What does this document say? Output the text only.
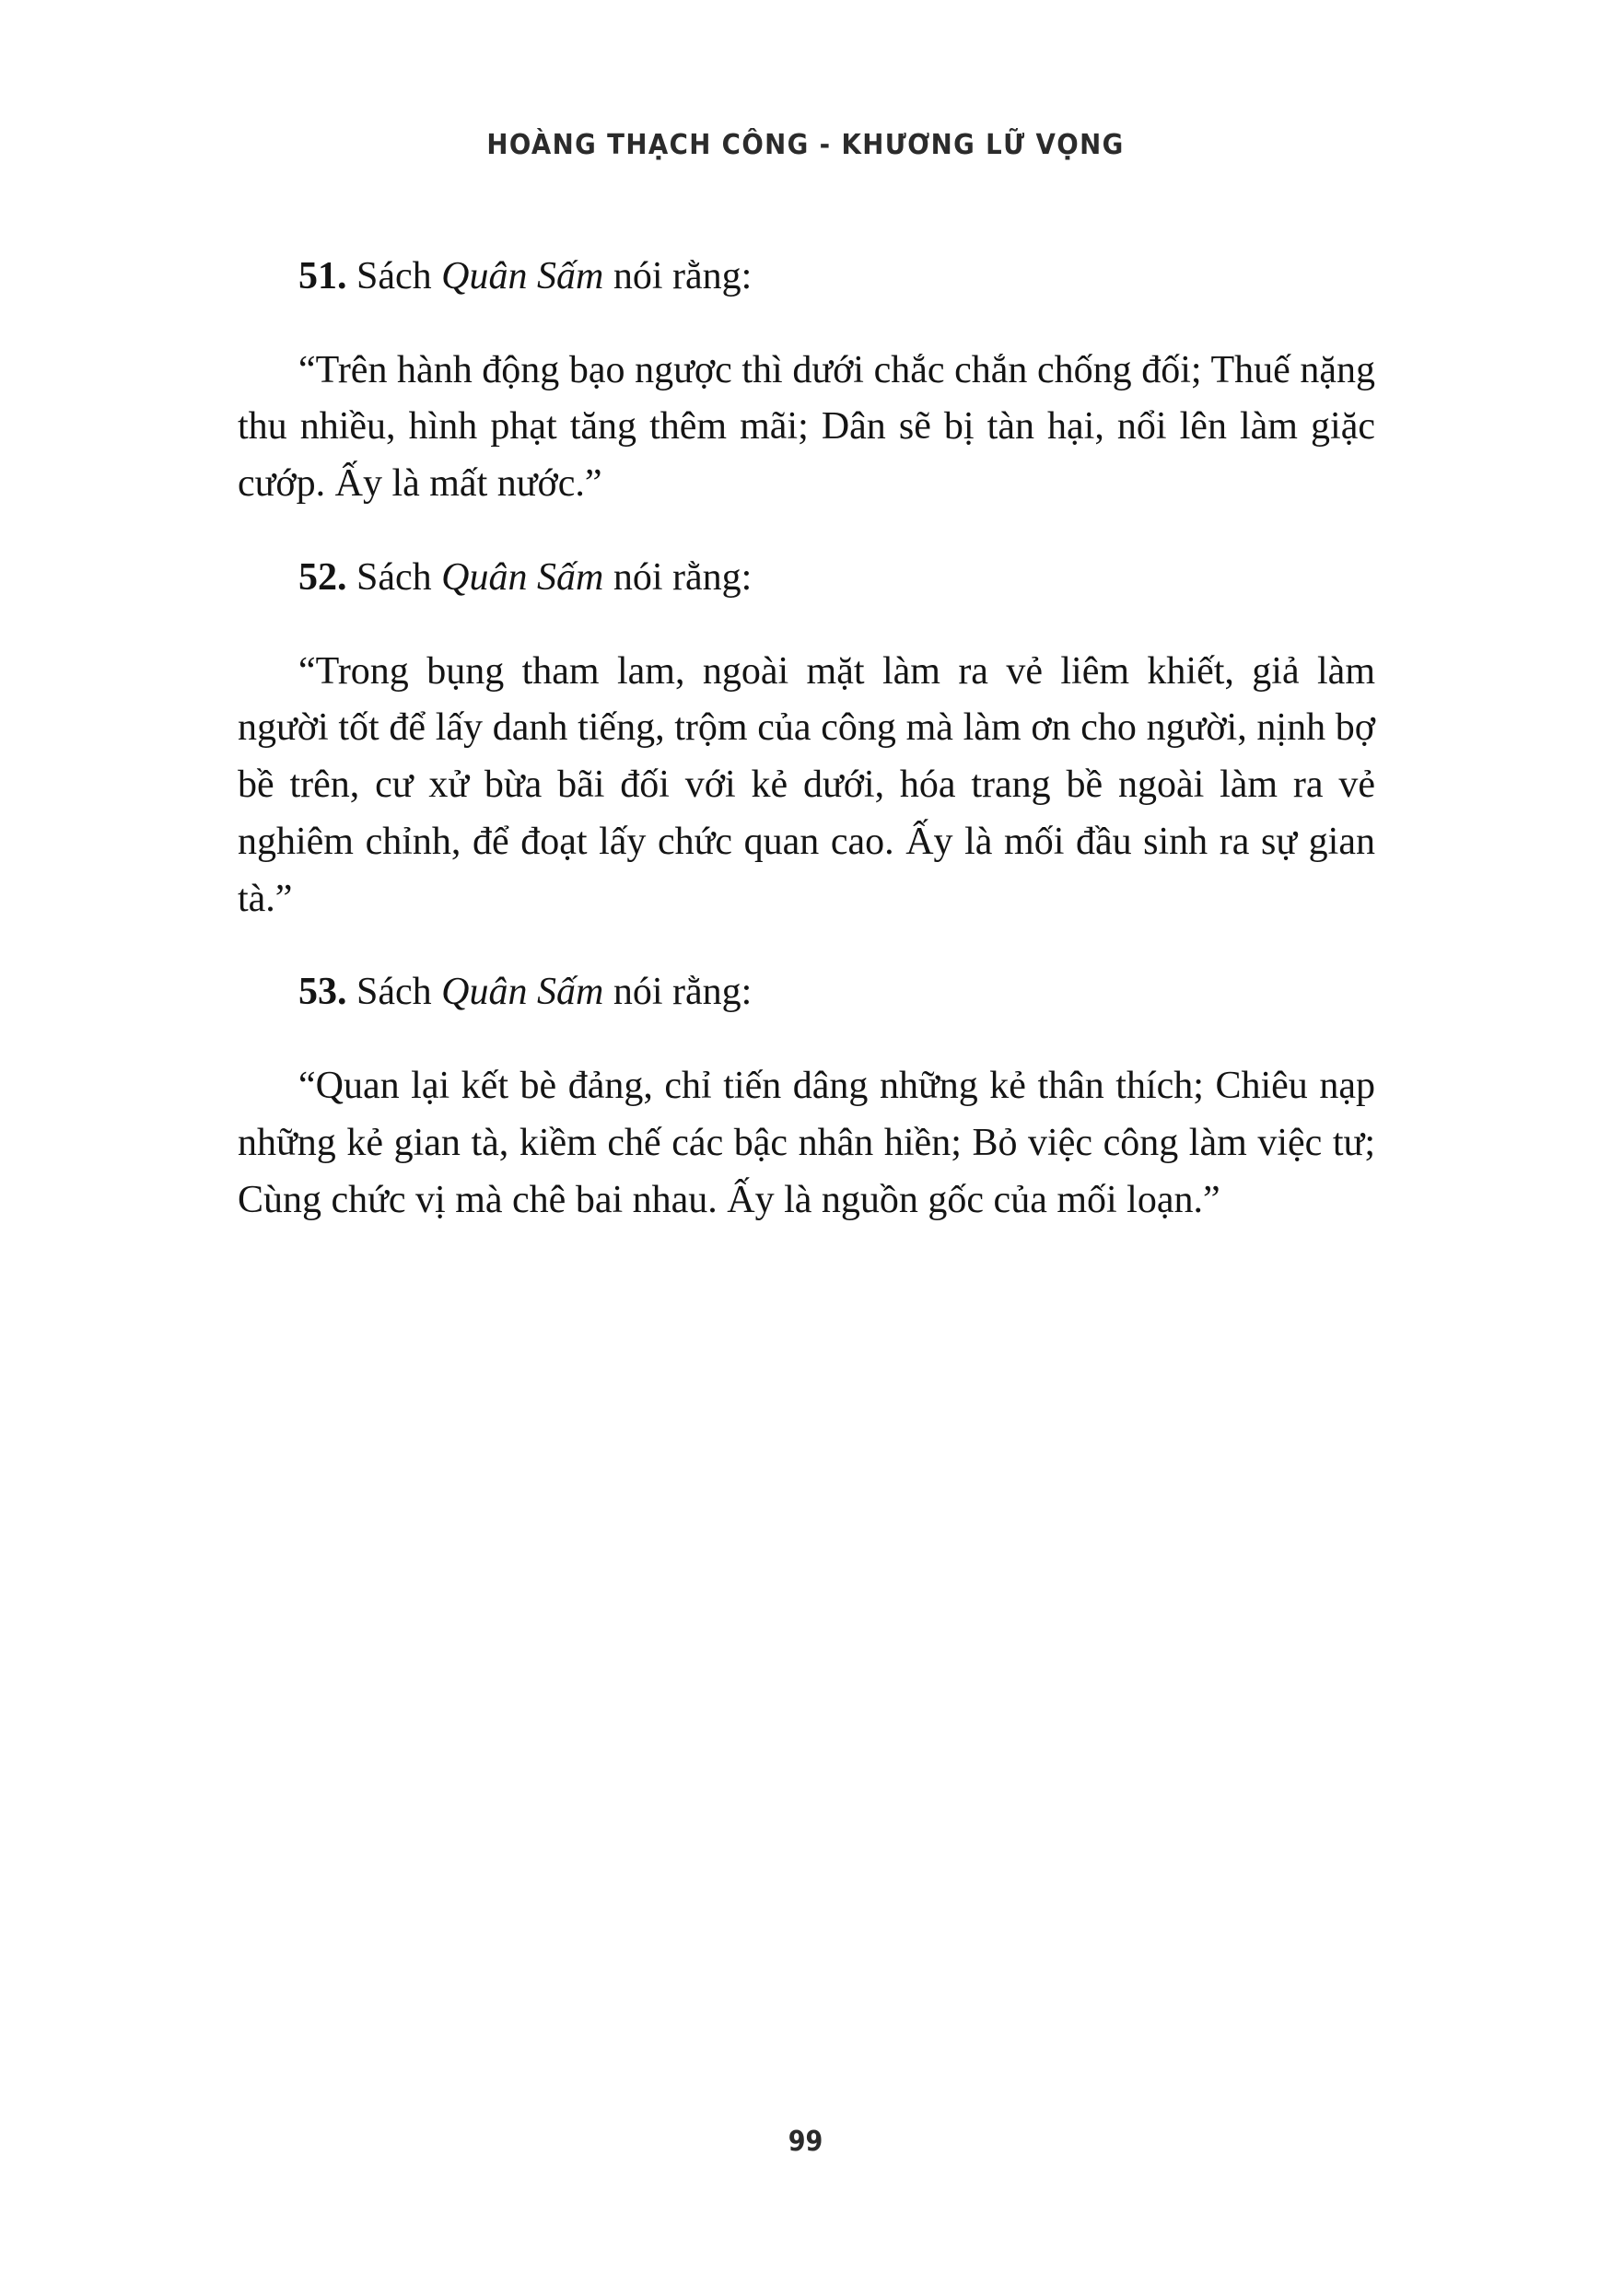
HOÀNG THẠCH CÔNG - KHƯƠNG LỮ VỌNG

51. Sách Quân Sấm nói rằng:

“Trên hành động bạo ngược thì dưới chắc chắn chống đối; Thuế nặng thu nhiều, hình phạt tăng thêm mãi; Dân sẽ bị tàn hại, nổi lên làm giặc cướp. Ấy là mất nước.”

52. Sách Quân Sấm nói rằng:

“Trong bụng tham lam, ngoài mặt làm ra vẻ liêm khiết, giả làm người tốt để lấy danh tiếng, trộm của công mà làm ơn cho người, nịnh bợ bề trên, cư xử bừa bãi đối với kẻ dưới, hóa trang bề ngoài làm ra vẻ nghiêm chỉnh, để đoạt lấy chức quan cao. Ấy là mối đầu sinh ra sự gian tà.”

53. Sách Quân Sấm nói rằng:

“Quan lại kết bè đảng, chỉ tiến dâng những kẻ thân thích; Chiêu nạp những kẻ gian tà, kiềm chế các bậc nhân hiền; Bỏ việc công làm việc tư; Cùng chức vị mà chê bai nhau. Ấy là nguồn gốc của mối loạn.”

99
